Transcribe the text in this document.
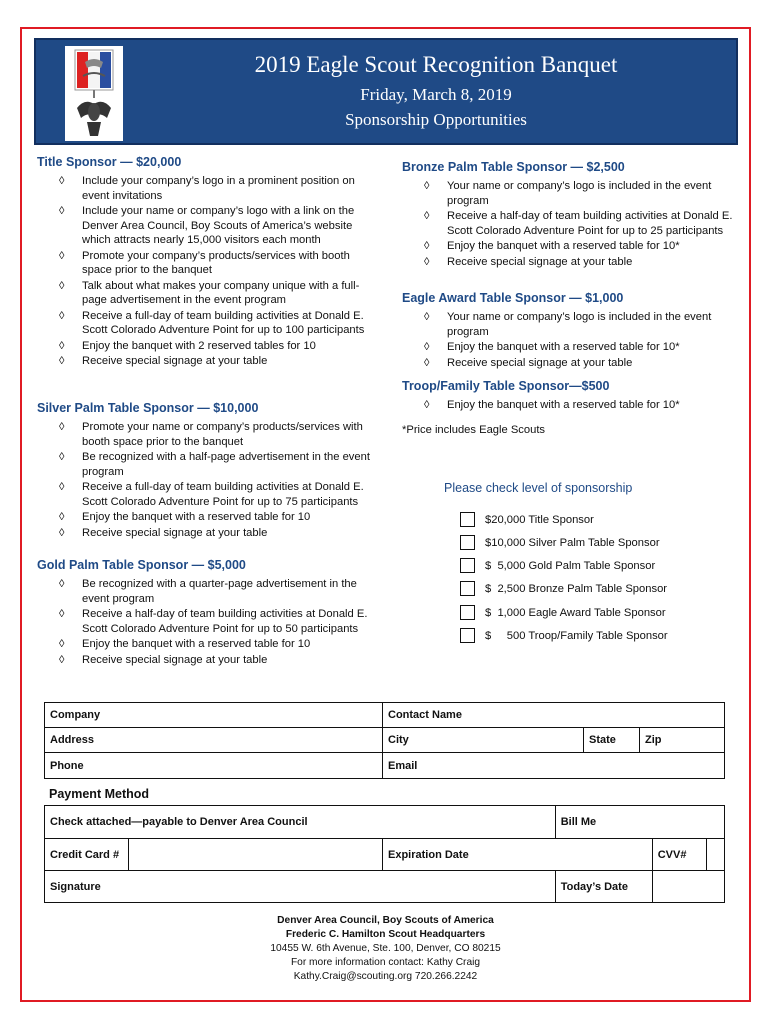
2019 Eagle Scout Recognition Banquet
Friday, March 8, 2019
Sponsorship Opportunities
Title Sponsor — $20,000
◊ Include your company’s logo in a prominent position on event invitations
◊ Include your name or company’s logo with a link on the Denver Area Council, Boy Scouts of America’s website which attracts nearly 15,000 visitors each month
◊ Promote your company’s products/services with booth space prior to the banquet
◊ Talk about what makes your company unique with a full-page advertisement in the event program
◊ Receive a full-day of team building activities at Donald E. Scott Colorado Adventure Point for up to 100 participants
◊ Enjoy the banquet with 2 reserved tables for 10
◊ Receive special signage at your table
Silver Palm Table Sponsor — $10,000
◊ Promote your name or company’s products/services with booth space prior to the banquet
◊ Be recognized with a half-page advertisement in the event program
◊ Receive a full-day of team building activities at Donald E. Scott Colorado Adventure Point for up to 75 participants
◊ Enjoy the banquet with a reserved table for 10
◊ Receive special signage at your table
Gold Palm Table Sponsor — $5,000
◊ Be recognized with a quarter-page advertisement in the event program
◊ Receive a half-day of team building activities at Donald E. Scott Colorado Adventure Point for up to 50 participants
◊ Enjoy the banquet with a reserved table for 10
◊ Receive special signage at your table
Bronze Palm Table Sponsor — $2,500
◊ Your name or company’s logo is included in the event program
◊ Receive a half-day of team building activities at Donald E. Scott Colorado Adventure Point for up to 25 participants
◊ Enjoy the banquet with a reserved table for 10*
◊ Receive special signage at your table
Eagle Award Table Sponsor — $1,000
◊ Your name or company’s logo is included in the event program
◊ Enjoy the banquet with a reserved table for 10*
◊ Receive special signage at your table
Troop/Family Table Sponsor—$500
◊ Enjoy the banquet with a reserved table for 10*
*Price includes Eagle Scouts
Please check level of sponsorship
$20,000 Title Sponsor
$10,000 Silver Palm Table Sponsor
$  5,000 Gold Palm Table Sponsor
$  2,500 Bronze Palm Table Sponsor
$  1,000 Eagle Award Table Sponsor
$     500 Troop/Family Table Sponsor
Company	Contact Name		
Address	City	State	Zip
Phone	Email		
Payment Method
Check attached—payable to Denver Area Council			Bill Me		
Credit Card #		Expiration Date		CVV#	
Signature			Today’s Date		
Denver Area Council, Boy Scouts of America
Frederic C. Hamilton Scout Headquarters
10455 W. 6th Avenue, Ste. 100, Denver, CO 80215
For more information contact: Kathy Craig
Kathy.Craig@scouting.org 720.266.2242
